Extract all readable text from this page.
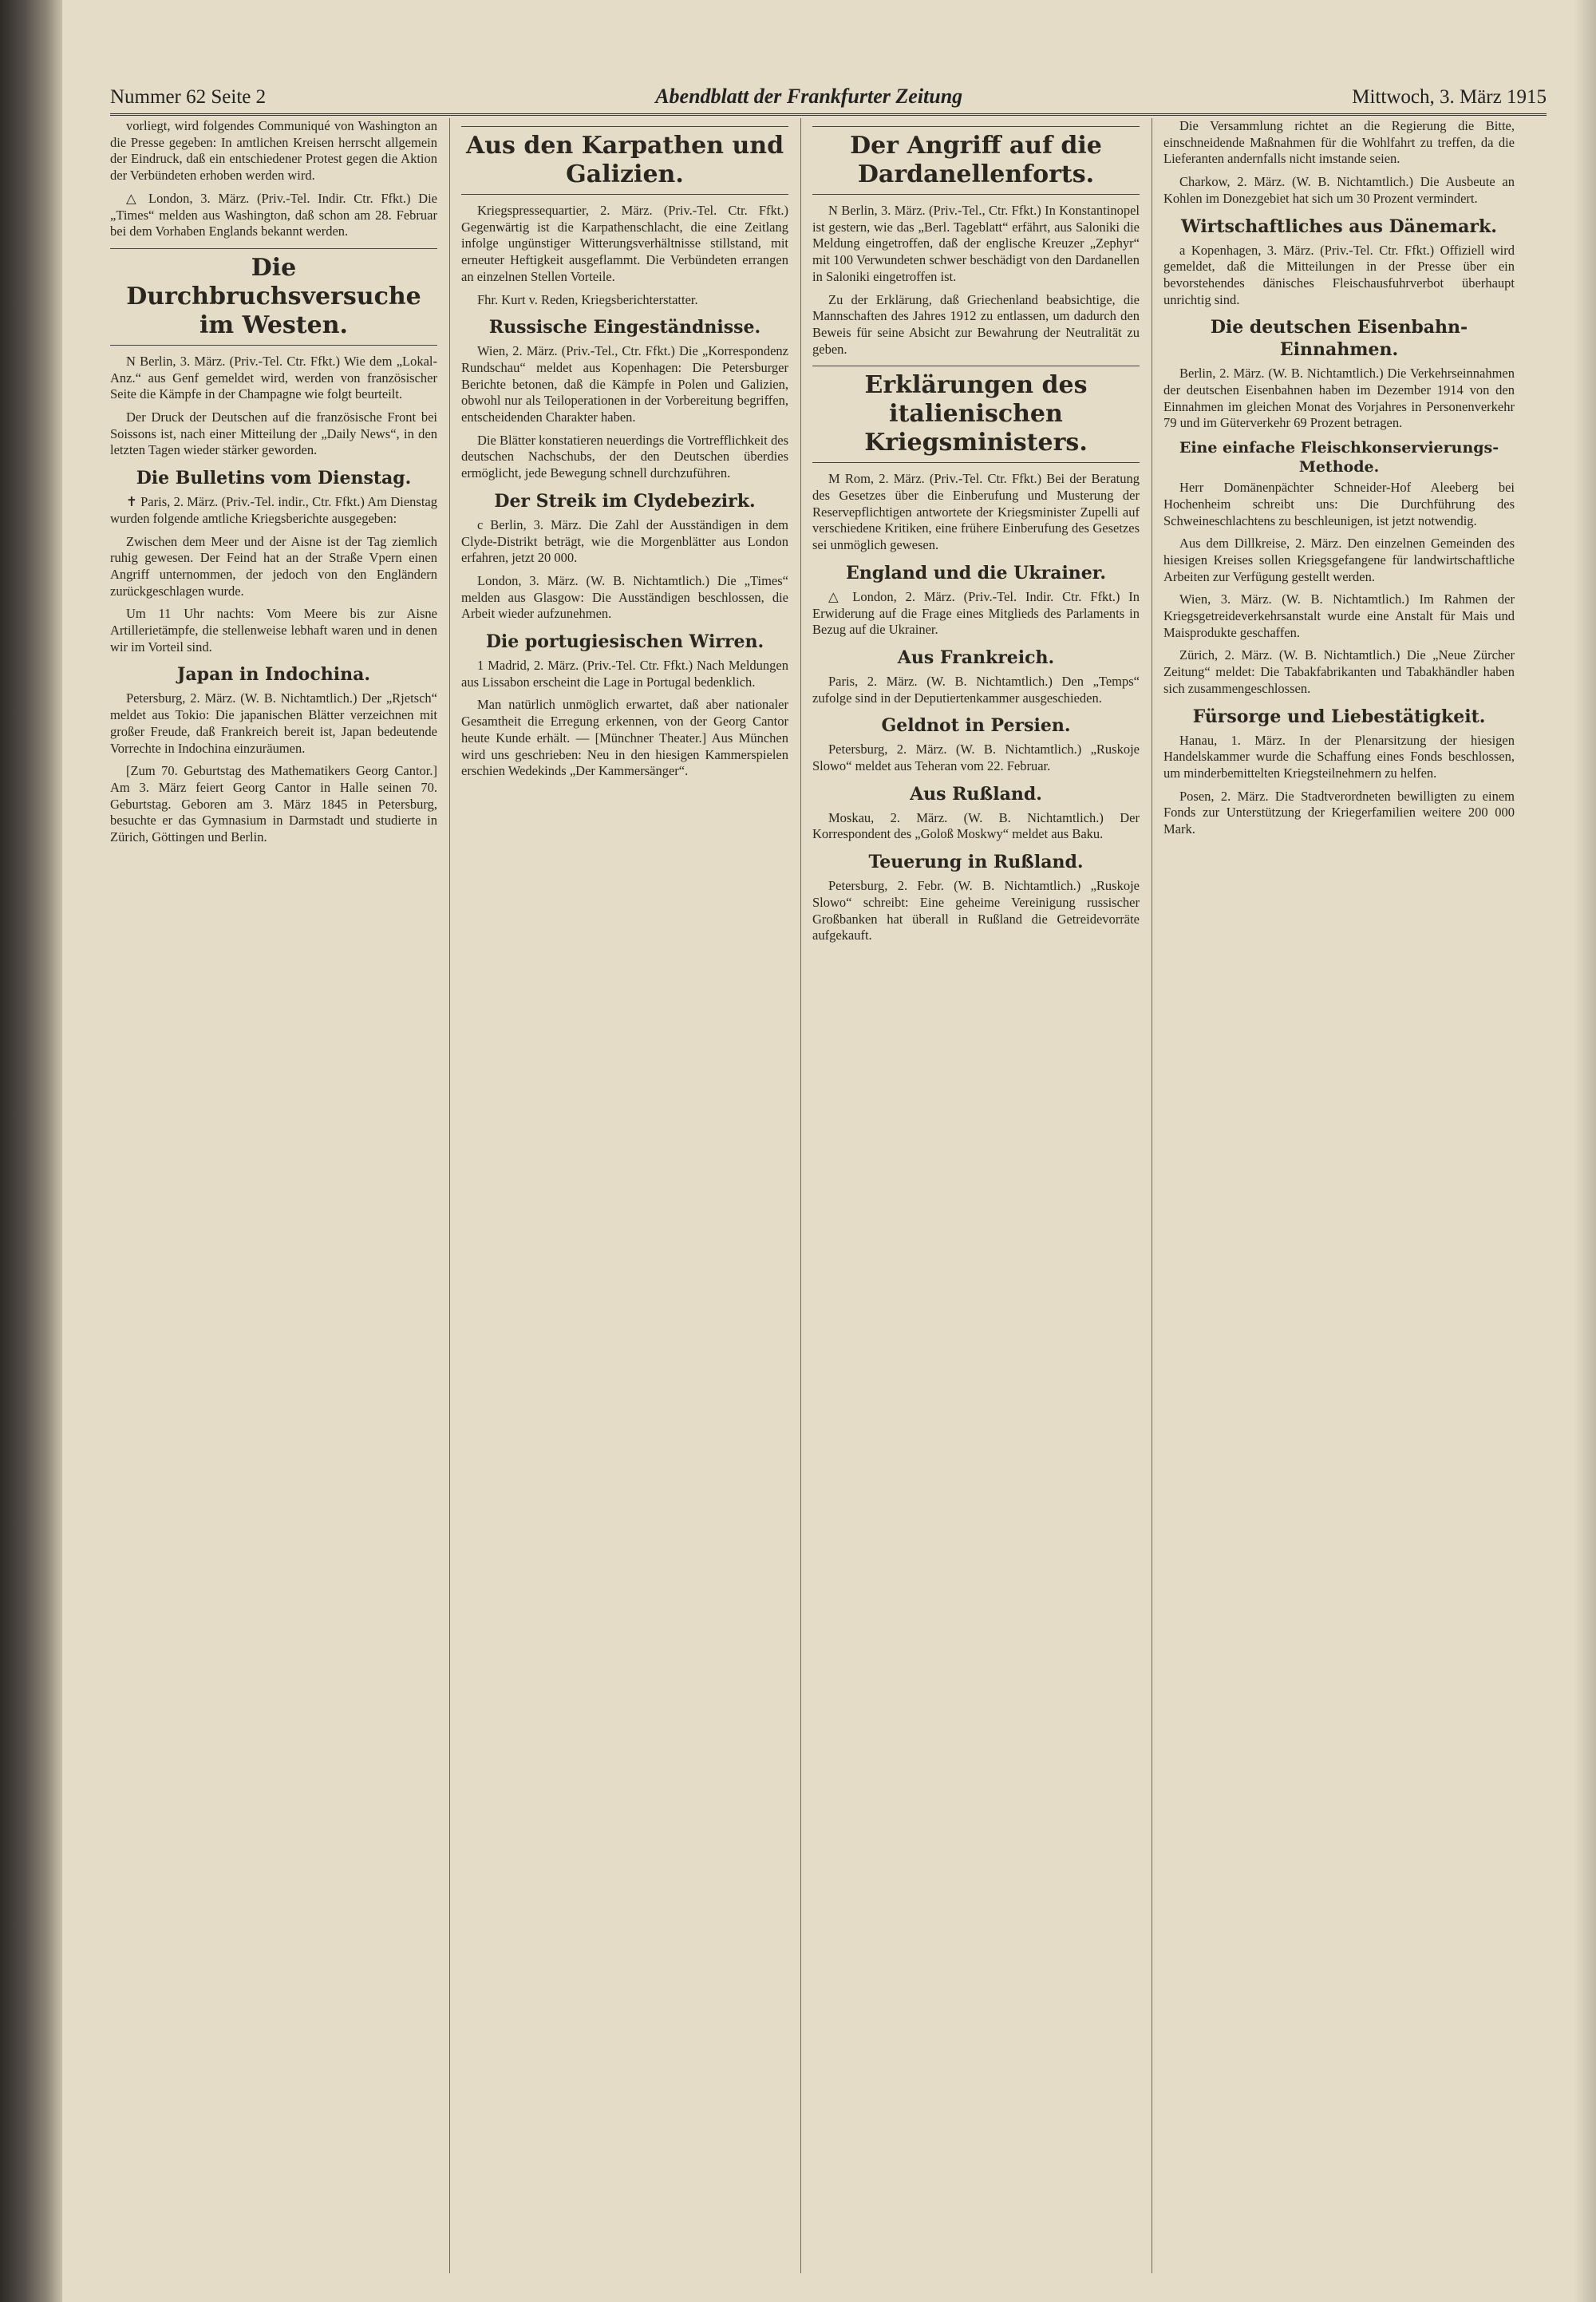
Nummer 62 Seite 2	Abendblatt der Frankfurter Zeitung	Mittwoch, 3. März 1915

vorliegt, wird folgendes Communiqué von Washington an die Presse gegeben: In amtlichen Kreisen herrscht allgemein der Eindruck, daß ein entschiedener Protest gegen die Aktion der Verbündeten erhoben werden wird.

△ London, 3. März. (Priv.-Tel. Indir. Ctr. Ffkt.) Die „Times“ melden aus Washington, daß schon am 28. Februar bei dem Vorhaben Englands bekannt werden.

Die Durchbruchsversuche im Westen.

N Berlin, 3. März. (Priv.-Tel. Ctr. Ffkt.) Wie dem „Lokal-Anz.“ aus Genf gemeldet wird, werden von französischer Seite die Kämpfe in der Champagne wie folgt beurteilt.

Der Druck der Deutschen auf die französische Front bei Soissons ist, nach einer Mitteilung der „Daily News“, in den letzten Tagen wieder stärker geworden.

Die Bulletins vom Dienstag.

✝ Paris, 2. März. (Priv.-Tel. indir., Ctr. Ffkt.) Am Dienstag wurden folgende amtliche Kriegsberichte ausgegeben:

Zwischen dem Meer und der Aisne ist der Tag ziemlich ruhig gewesen. Der Feind hat an der Straße Vpern einen Angriff unternommen, der jedoch von den Engländern zurückgeschlagen wurde.

Um 11 Uhr nachts: Vom Meere bis zur Aisne Artillerietämpfe, die stellenweise lebhaft waren und in denen wir im Vorteil sind.

Japan in Indochina.

Petersburg, 2. März. (W. B. Nichtamtlich.) Der „Rjetsch“ meldet aus Tokio: Die japanischen Blätter verzeichnen mit großer Freude, daß Frankreich bereit ist, Japan bedeutende Vorrechte in Indochina einzuräumen.

[Zum 70. Geburtstag des Mathematikers Georg Cantor.] Am 3. März feiert Georg Cantor in Halle seinen 70. Geburtstag. Geboren am 3. März 1845 in Petersburg, besuchte er das Gymnasium in Darmstadt und studierte in Zürich, Göttingen und Berlin.

Aus den Karpathen und Galizien.

Kriegspressequartier, 2. März. (Priv.-Tel. Ctr. Ffkt.) Gegenwärtig ist die Karpathenschlacht, die eine Zeitlang infolge ungünstiger Witterungsverhältnisse stillstand, mit erneuter Heftigkeit ausgeflammt. Die Verbündeten errangen an einzelnen Stellen Vorteile.

Fhr. Kurt v. Reden, Kriegsberichterstatter.

Russische Eingeständnisse.

Wien, 2. März. (Priv.-Tel., Ctr. Ffkt.) Die „Korrespondenz Rundschau“ meldet aus Kopenhagen: Die Petersburger Berichte betonen, daß die Kämpfe in Polen und Galizien, obwohl nur als Teiloperationen in der Vorbereitung begriffen, entscheidenden Charakter haben.

Die Blätter konstatieren neuerdings die Vortrefflichkeit des deutschen Nachschubs, der den Deutschen überdies ermöglicht, jede Bewegung schnell durchzuführen.

Der Streik im Clydebezirk.

c Berlin, 3. März. Die Zahl der Ausständigen in dem Clyde-Distrikt beträgt, wie die Morgenblätter aus London erfahren, jetzt 20 000.

London, 3. März. (W. B. Nichtamtlich.) Die „Times“ melden aus Glasgow: Die Ausständigen beschlossen, die Arbeit wieder aufzunehmen.

Die portugiesischen Wirren.

1 Madrid, 2. März. (Priv.-Tel. Ctr. Ffkt.) Nach Meldungen aus Lissabon erscheint die Lage in Portugal bedenklich.

Man natürlich unmöglich erwartet, daß aber nationaler Gesamtheit die Erregung erkennen, von der Georg Cantor heute Kunde erhält. — [Münchner Theater.] Aus München wird uns geschrieben: Neu in den hiesigen Kammerspielen erschien Wedekinds „Der Kammersänger“.

Der Angriff auf die Dardanellenforts.

N Berlin, 3. März. (Priv.-Tel., Ctr. Ffkt.) In Konstantinopel ist gestern, wie das „Berl. Tageblatt“ erfährt, aus Saloniki die Meldung eingetroffen, daß der englische Kreuzer „Zephyr“ mit 100 Verwundeten schwer beschädigt von den Dardanellen in Saloniki eingetroffen ist.

Zu der Erklärung, daß Griechenland beabsichtige, die Mannschaften des Jahres 1912 zu entlassen, um dadurch den Beweis für seine Absicht zur Bewahrung der Neutralität zu geben.

Erklärungen des italienischen Kriegsministers.

M Rom, 2. März. (Priv.-Tel. Ctr. Ffkt.) Bei der Beratung des Gesetzes über die Einberufung und Musterung der Reservepflichtigen antwortete der Kriegsminister Zupelli auf verschiedene Kritiken, eine frühere Einberufung des Gesetzes sei unmöglich gewesen.

England und die Ukrainer.

△ London, 2. März. (Priv.-Tel. Indir. Ctr. Ffkt.) In Erwiderung auf die Frage eines Mitglieds des Parlaments in Bezug auf die Ukrainer.

Aus Frankreich.

Paris, 2. März. (W. B. Nichtamtlich.) Den „Temps“ zufolge sind in der Deputiertenkammer ausgeschieden.

Geldnot in Persien.

Petersburg, 2. März. (W. B. Nichtamtlich.) „Ruskoje Slowo“ meldet aus Teheran vom 22. Februar.

Aus Rußland.

Moskau, 2. März. (W. B. Nichtamtlich.) Der Korrespondent des „Goloß Moskwy“ meldet aus Baku.

Teuerung in Rußland.

Petersburg, 2. Febr. (W. B. Nichtamtlich.) „Ruskoje Slowo“ schreibt: Eine geheime Vereinigung russischer Großbanken hat überall in Rußland die Getreidevorräte aufgekauft.

Die Versammlung richtet an die Regierung die Bitte, einschneidende Maßnahmen für die Wohlfahrt zu treffen, da die Lieferanten andernfalls nicht imstande seien.

Charkow, 2. März. (W. B. Nichtamtlich.) Die Ausbeute an Kohlen im Donezgebiet hat sich um 30 Prozent vermindert.

Wirtschaftliches aus Dänemark.

a Kopenhagen, 3. März. (Priv.-Tel. Ctr. Ffkt.) Offiziell wird gemeldet, daß die Mitteilungen in der Presse über ein bevorstehendes dänisches Fleischausfuhrverbot überhaupt unrichtig sind.

Die deutschen Eisenbahn-Einnahmen.

Berlin, 2. März. (W. B. Nichtamtlich.) Die Verkehrseinnahmen der deutschen Eisenbahnen haben im Dezember 1914 von den Einnahmen im gleichen Monat des Vorjahres in Personenverkehr 79 und im Güterverkehr 69 Prozent betragen.

Eine einfache Fleischkonservierungs-Methode.

Herr Domänenpächter Schneider-Hof Aleeberg bei Hochenheim schreibt uns: Die Durchführung des Schweineschlachtens zu beschleunigen, ist jetzt notwendig.

Aus dem Dillkreise, 2. März. Den einzelnen Gemeinden des hiesigen Kreises sollen Kriegsgefangene für landwirtschaftliche Arbeiten zur Verfügung gestellt werden.

Wien, 3. März. (W. B. Nichtamtlich.) Im Rahmen der Kriegsgetreideverkehrsanstalt wurde eine Anstalt für Mais und Maisprodukte geschaffen.

Zürich, 2. März. (W. B. Nichtamtlich.) Die „Neue Zürcher Zeitung“ meldet: Die Tabakfabrikanten und Tabakhändler haben sich zusammengeschlossen.

Fürsorge und Liebestätigkeit.

Hanau, 1. März. In der Plenarsitzung der hiesigen Handelskammer wurde die Schaffung eines Fonds beschlossen, um minderbemittelten Kriegsteilnehmern zu helfen.

Posen, 2. März. Die Stadtverordneten bewilligten zu einem Fonds zur Unterstützung der Kriegerfamilien weitere 200 000 Mark.
